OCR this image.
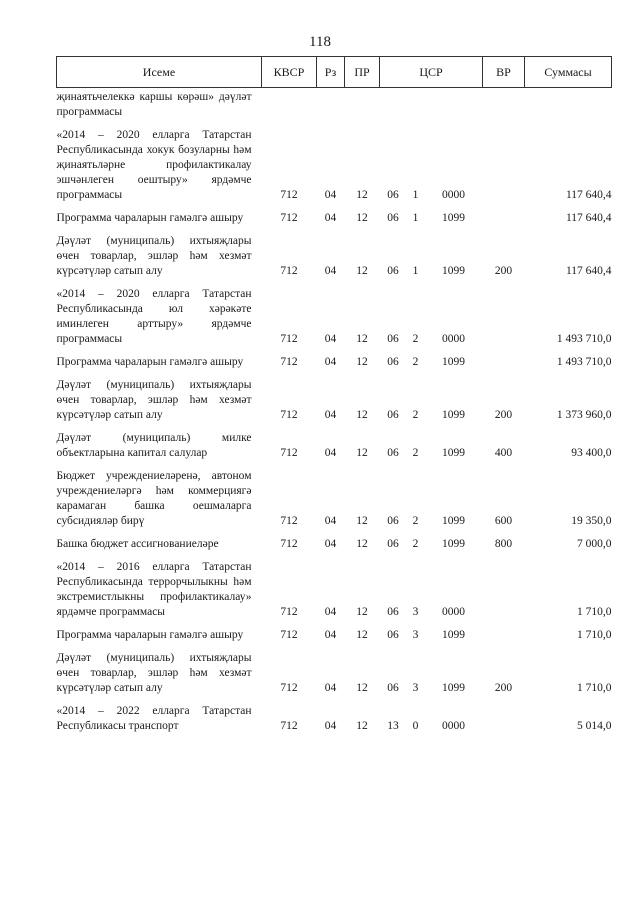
118
Исеме	КВСР	Рз	ПР	ЦСР			ВР	Суммасы
җинаятьчелеккә каршы көрәш» дәүләт программасы								
«2014 – 2020 елларга Татарстан Республикасында хокук бозуларны һәм җинаятьләрне профилактикалау эшчәнлеген оештыру» ярдәмче программасы	712	04	12	06	1	0000		117 640,4
Программа чараларын гамәлгә ашыру	712	04	12	06	1	1099		117 640,4
Дәүләт (муниципаль) ихтыяҗлары өчен товарлар, эшләр һәм хезмәт күрсәтүләр сатып алу	712	04	12	06	1	1099	200	117 640,4
«2014 – 2020 елларга Татарстан Республикасында юл хәрәкәте иминлеген арттыру» ярдәмче программасы	712	04	12	06	2	0000		1 493 710,0
Программа чараларын гамәлгә ашыру	712	04	12	06	2	1099		1 493 710,0
Дәүләт (муниципаль) ихтыяҗлары өчен товарлар, эшләр һәм хезмәт күрсәтүләр сатып алу	712	04	12	06	2	1099	200	1 373 960,0
Дәүләт (муниципаль) милке объектларына капитал салулар	712	04	12	06	2	1099	400	93 400,0
Бюджет учреждениеләренә, автоном учреждениеләргә һәм коммерциягә карамаган башка оешмаларга субсидияләр бирү	712	04	12	06	2	1099	600	19 350,0
Башка бюджет ассигнованиеләре	712	04	12	06	2	1099	800	7 000,0
«2014 – 2016 елларга Татарстан Республикасында террорчылыкны һәм экстремистлыкны профилактикалау» ярдәмче программасы	712	04	12	06	3	0000		1 710,0
Программа чараларын гамәлгә ашыру	712	04	12	06	3	1099		1 710,0
Дәүләт (муниципаль) ихтыяҗлары өчен товарлар, эшләр һәм хезмәт күрсәтүләр сатып алу	712	04	12	06	3	1099	200	1 710,0
«2014 – 2022 елларга Татарстан Республикасы транспорт	712	04	12	13	0	0000		5 014,0
